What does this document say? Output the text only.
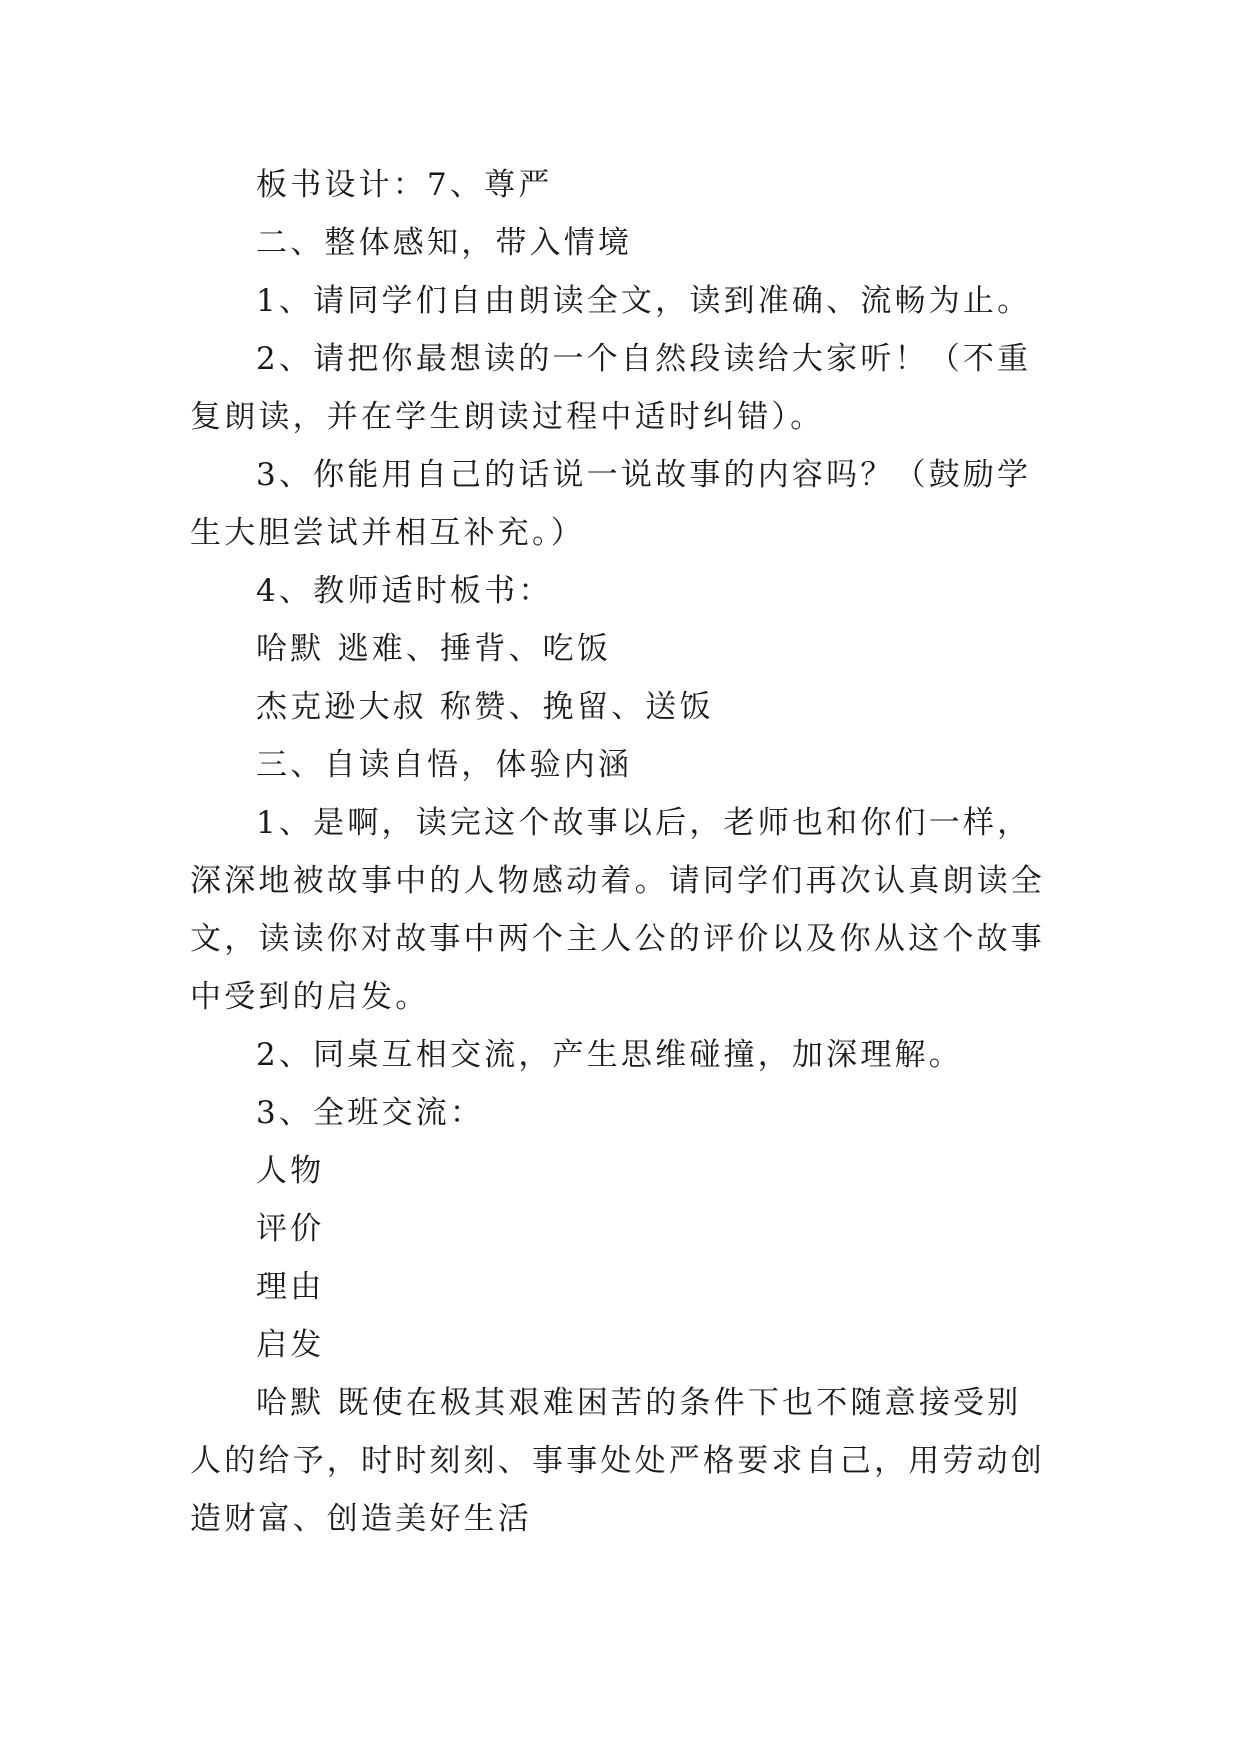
板书设计：7、尊严

二、整体感知，带入情境

1、请同学们自由朗读全文，读到准确、流畅为止。

2、请把你最想读的一个自然段读给大家听！（不重复朗读，并在学生朗读过程中适时纠错）。

3、你能用自己的话说一说故事的内容吗？（鼓励学生大胆尝试并相互补充。）

4、教师适时板书：

哈默 逃难、捶背、吃饭

杰克逊大叔 称赞、挽留、送饭

三、自读自悟，体验内涵

1、是啊，读完这个故事以后，老师也和你们一样，深深地被故事中的人物感动着。请同学们再次认真朗读全文，读读你对故事中两个主人公的评价以及你从这个故事中受到的启发。

2、同桌互相交流，产生思维碰撞，加深理解。

3、全班交流：

人物

评价

理由

启发

哈默 既使在极其艰难困苦的条件下也不随意接受别人的给予，时时刻刻、事事处处严格要求自己，用劳动创造财富、创造美好生活
